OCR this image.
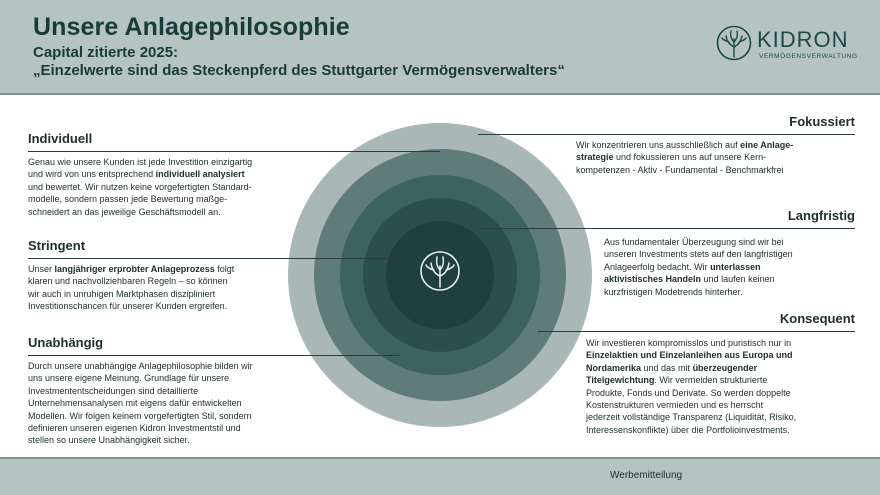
Unsere Anlagephilosophie
Capital zitierte 2025:
„Einzelwerte sind das Steckenpferd des Stuttgarter Vermögensverwalters“
KIDRON
VERMÖGENSVERWALTUNG
Individuell
Genau wie unsere Kunden ist jede Investition einzigartig
und wird von uns entsprechend individuell analysiert
und bewertet. Wir nutzen keine vorgefertigten Standard-
modelle, sondern passen jede Bewertung maßge-
schneidert an das jeweilige Geschäftsmodell an.
Stringent
Unser langjähriger erprobter Anlageprozess folgt
klaren und nachvollziehbaren Regeln – so können
wir auch in unruhigen Marktphasen diszipliniert
Investitionschancen für unserer Kunden ergreifen.
Unabhängig
Durch unsere unabhängige Anlagephilosophie bilden wir
uns unsere eigene Meinung. Grundlage für unsere
Investmententscheidungen sind detaillierte
Unternehmensanalysen mit eigens dafür entwickelten
Modellen. Wir folgen keinem vorgefertigten Stil, sondern
definieren unseren eigenen Kidron Investmentstil und
stellen so unsere Unabhängigkeit sicher.
Fokussiert
Wir konzentrieren uns ausschließlich auf eine Anlage-
strategie und fokussieren uns auf unsere Kern-
kompetenzen - Aktiv - Fundamental - Benchmarkfrei
Langfristig
Aus fundamentaler Überzeugung sind wir bei
unseren Investments stets auf den langfristigen
Anlageerfolg bedacht. Wir unterlassen
aktivistisches Handeln und laufen keinen
kurzfristigen Modetrends hinterher.
Konsequent
Wir investieren kompromisslos und puristisch nur in
Einzelaktien und Einzelanleihen aus Europa und
Nordamerika und das mit überzeugender
Titelgewichtung. Wir vermeiden strukturierte
Produkte, Fonds und Derivate. So werden doppelte
Kostenstrukturen vermieden und es herrscht
jederzeit vollständige Transparenz (Liquidität, Risiko,
Interessenskonflikte) über die Portfolioinvestments.
Werbemitteilung
